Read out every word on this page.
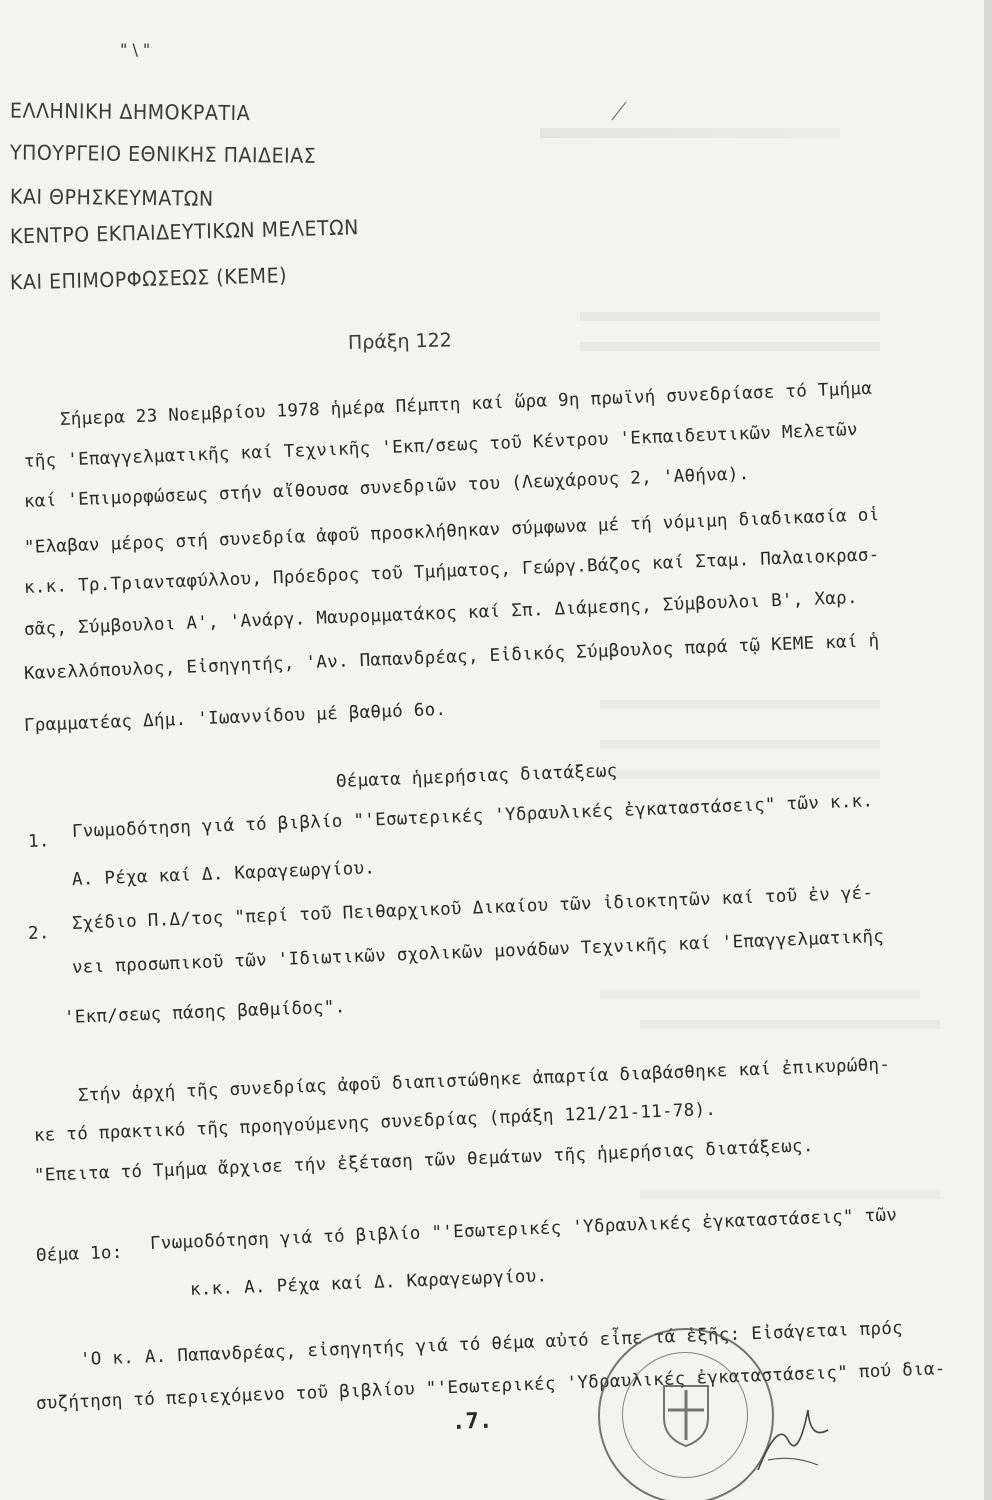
" \ "
ΕΛΛΗΝΙΚΗ ΔΗΜΟΚΡΑΤΙΑ
ΥΠΟΥΡΓΕΙΟ ΕΘΝΙΚΗΣ ΠΑΙΔΕΙΑΣ
ΚΑΙ ΘΡΗΣΚΕΥΜΑΤΩΝ
ΚΕΝΤΡΟ ΕΚΠΑΙΔΕΥΤΙΚΩΝ ΜΕΛΕΤΩΝ
ΚΑΙ ΕΠΙΜΟΡΦΩΣΕΩΣ (ΚΕΜΕ)
Πράξη 122
Σήμερα 23 Νοεμβρίου 1978 ἡμέρα Πέμπτη καί ὥρα 9η πρωϊνή συνεδρίασε τό Τμήμα
τῆς 'Επαγγελματικῆς καί Τεχνικῆς 'Εκπ/σεως τοῦ Κέντρου 'Εκπαιδευτικῶν Μελετῶν
καί 'Επιμορφώσεως στήν αἴθουσα συνεδριῶν του (Λεωχάρους 2, 'Αθήνα).
"Ελαβαν μέρος στή συνεδρία ἀφοῦ προσκλήθηκαν σύμφωνα μέ τή νόμιμη διαδικασία οἱ
κ.κ. Τρ.Τριανταφύλλου, Πρόεδρος τοῦ Τμήματος, Γεώργ.Βάζος καί Σταμ. Παλαιοκρασ-
σᾶς, Σύμβουλοι Α', 'Ανάργ. Μαυρομματάκος καί Σπ. Διάμεσης, Σύμβουλοι Β', Χαρ.
Κανελλόπουλος, Εἰσηγητής, 'Αν. Παπανδρέας, Εἰδικός Σύμβουλος παρά τῷ ΚΕΜΕ καί ἡ
Γραμματέας Δήμ. 'Ιωαννίδου μέ βαθμό 6ο.
Θέματα ἡμερήσιας διατάξεως
1. Γνωμοδότηση γιά τό βιβλίο "'Εσωτερικές 'Υδραυλικές ἐγκαταστάσεις" τῶν κ.κ.
Α. Ρέχα καί Δ. Καραγεωργίου.
2. Σχέδιο Π.Δ/τος "περί τοῦ Πειθαρχικοῦ Δικαίου τῶν ἰδιοκτητῶν καί τοῦ ἐν γέ-
νει προσωπικοῦ τῶν 'Ιδιωτικῶν σχολικῶν μονάδων Τεχνικῆς καί 'Επαγγελματικῆς
'Εκπ/σεως πάσης βαθμίδος".
Στήν ἀρχή τῆς συνεδρίας ἀφοῦ διαπιστώθηκε ἀπαρτία διαβάσθηκε καί ἐπικυρώθη-
κε τό πρακτικό τῆς προηγούμενης συνεδρίας (πράξη 121/21-11-78).
"Επειτα τό Τμήμα ἄρχισε τήν ἐξέταση τῶν θεμάτων τῆς ἡμερήσιας διατάξεως.
Θέμα 1ο:
Γνωμοδότηση γιά τό βιβλίο "'Εσωτερικές 'Υδραυλικές ἐγκαταστάσεις" τῶν
κ.κ. Α. Ρέχα καί Δ. Καραγεωργίου.
'Ο κ. Α. Παπανδρέας, εἰσηγητής γιά τό θέμα αὐτό εἶπε τά ἑξῆς: Εἰσάγεται πρός
συζήτηση τό περιεχόμενο τοῦ βιβλίου "'Εσωτερικές 'Υδραυλικές ἐγκαταστάσεις" πού δια-
.7.
